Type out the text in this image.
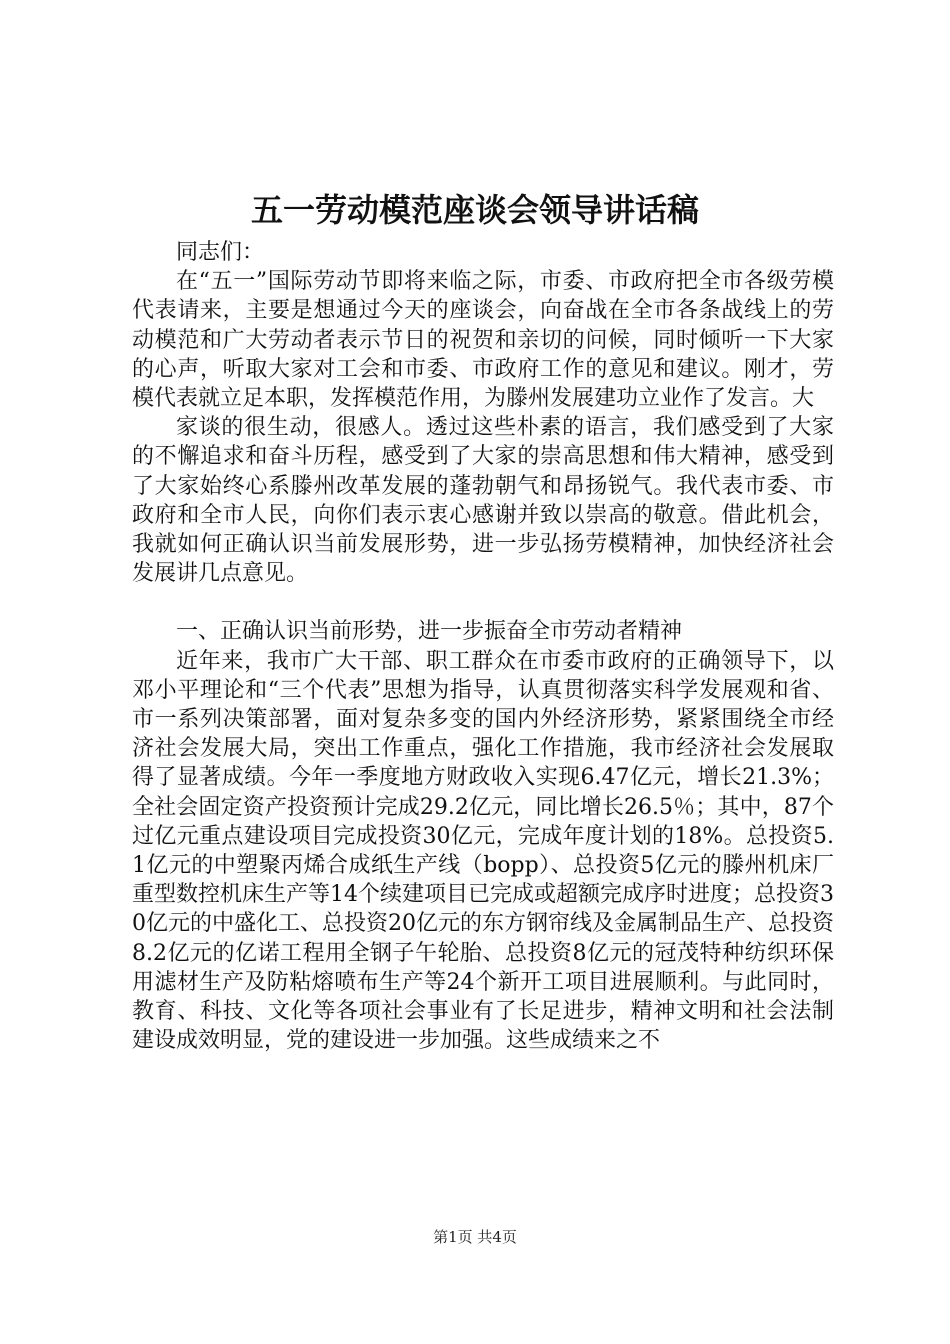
五一劳动模范座谈会领导讲话稿

同志们：

在“五一”国际劳动节即将来临之际，市委、市政府把全市各级劳模代表请来，主要是想通过今天的座谈会，向奋战在全市各条战线上的劳动模范和广大劳动者表示节日的祝贺和亲切的问候，同时倾听一下大家的心声，听取大家对工会和市委、市政府工作的意见和建议。刚才，劳模代表就立足本职，发挥模范作用，为滕州发展建功立业作了发言。大

家谈的很生动，很感人。透过这些朴素的语言，我们感受到了大家的不懈追求和奋斗历程，感受到了大家的崇高思想和伟大精神，感受到了大家始终心系滕州改革发展的蓬勃朝气和昂扬锐气。我代表市委、市政府和全市人民，向你们表示衷心感谢并致以崇高的敬意。借此机会，我就如何正确认识当前发展形势，进一步弘扬劳模精神，加快经济社会发展讲几点意见。

一、正确认识当前形势，进一步振奋全市劳动者精神

近年来，我市广大干部、职工群众在市委市政府的正确领导下，以邓小平理论和“三个代表”思想为指导，认真贯彻落实科学发展观和省、市一系列决策部署，面对复杂多变的国内外经济形势，紧紧围绕全市经济社会发展大局，突出工作重点，强化工作措施，我市经济社会发展取得了显著成绩。今年一季度地方财政收入实现6.47亿元，增长21.3%；全社会固定资产投资预计完成29.2亿元，同比增长26.5％；其中，87个过亿元重点建设项目完成投资30亿元，完成年度计划的18%。总投资5.1亿元的中塑聚丙烯合成纸生产线（bopp）、总投资5亿元的滕州机床厂重型数控机床生产等14个续建项目已完成或超额完成序时进度；总投资30亿元的中盛化工、总投资20亿元的东方钢帘线及金属制品生产、总投资8.2亿元的亿诺工程用全钢子午轮胎、总投资8亿元的冠茂特种纺织环保用滤材生产及防粘熔喷布生产等24个新开工项目进展顺利。与此同时，教育、科技、文化等各项社会事业有了长足进步，精神文明和社会法制建设成效明显，党的建设进一步加强。这些成绩来之不

第1页 共4页
